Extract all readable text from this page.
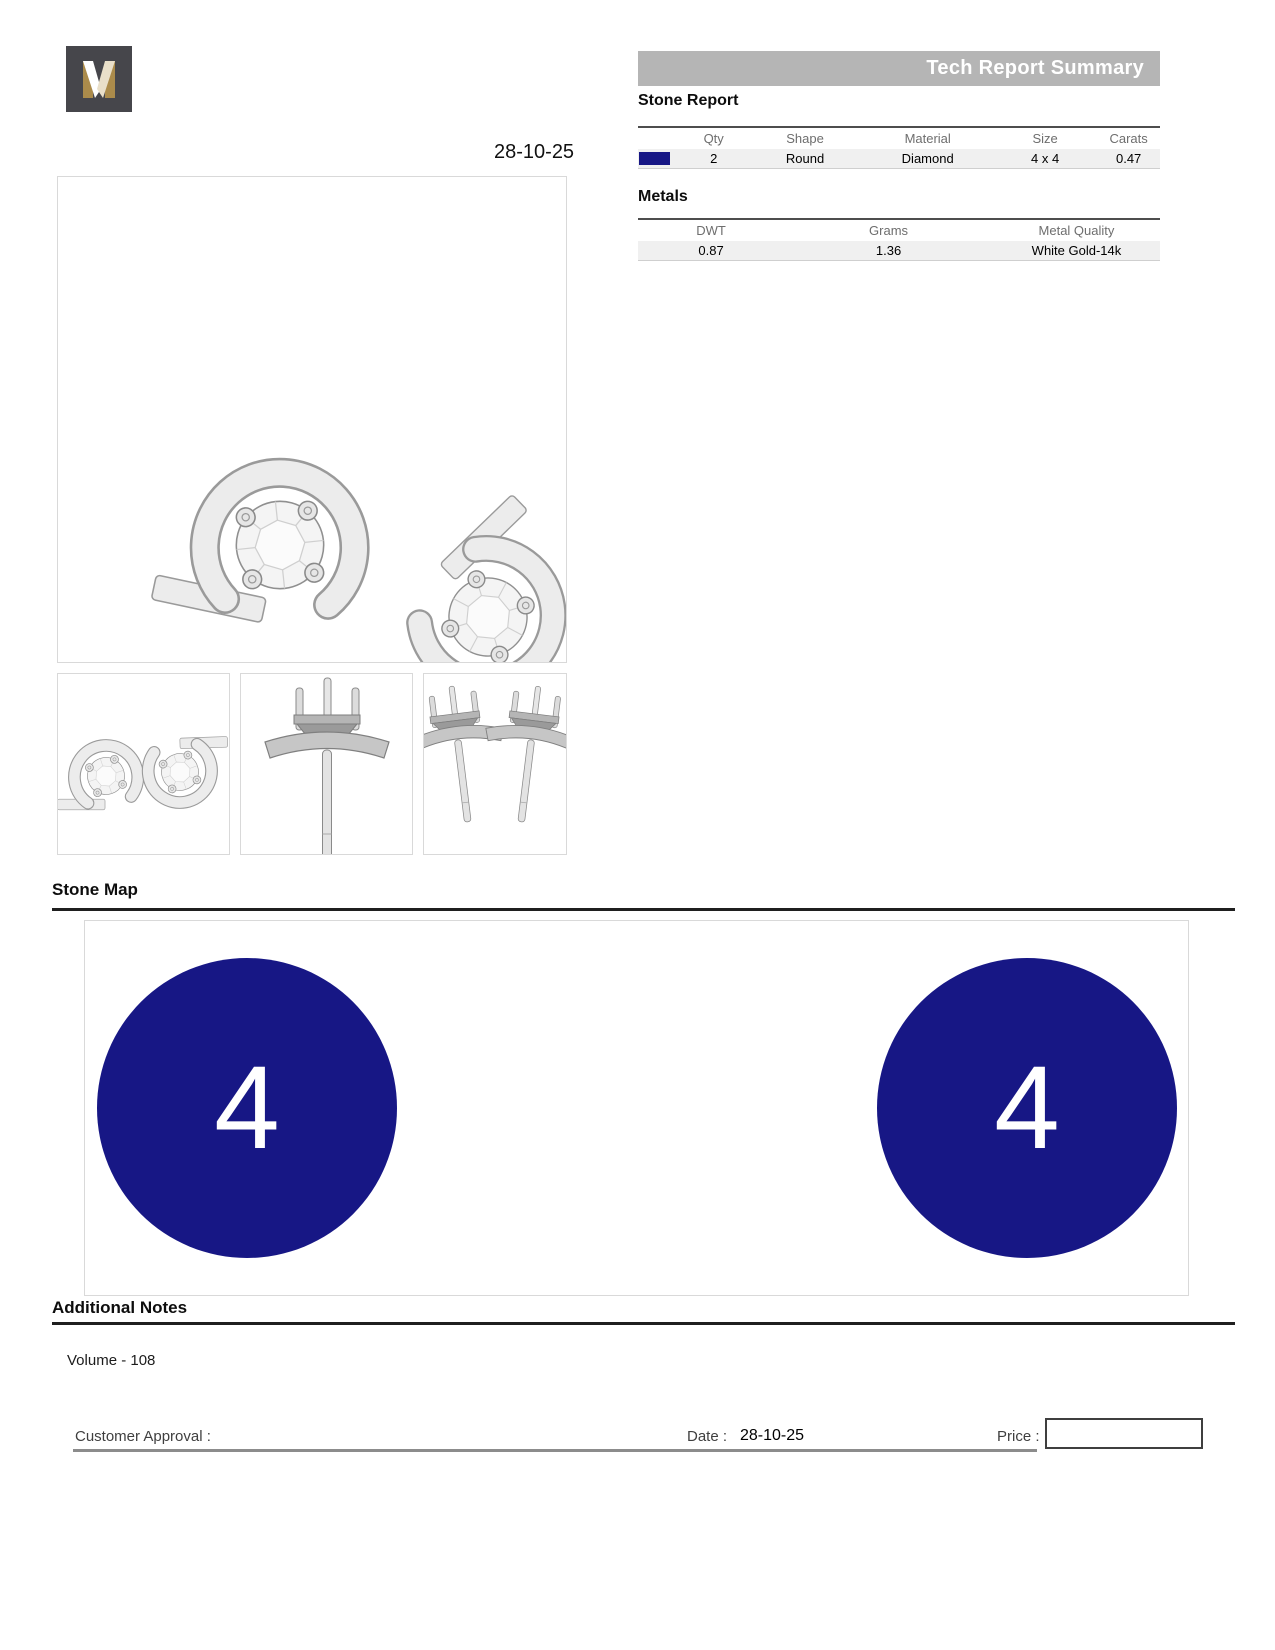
Tech Report Summary
Stone Report
Qty	Shape	Material	Size	Carats
2	Round	Diamond	4 x 4	0.47
Metals
DWT	Grams	Metal Quality
0.87	1.36	White Gold-14k
28-10-25
Stone Map
4	4
Additional Notes
Volume - 108
Customer Approval :	Date : 28-10-25	Price :
